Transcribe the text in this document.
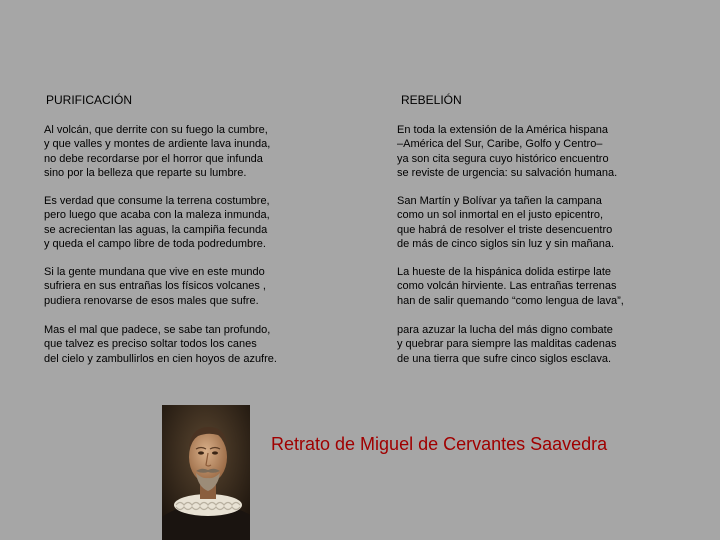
PURIFICACIÓN	REBELIÓN
Al volcán, que derrite con su fuego la cumbre,
y que valles y montes de ardiente lava inunda,
no debe recordarse por el horror que infunda
sino por la belleza que reparte su lumbre.
Es verdad que consume la terrena costumbre,
pero luego que acaba con la maleza inmunda,
se acrecientan las aguas, la campiña fecunda
y queda el campo libre de toda podredumbre.
Si la gente mundana que vive en este mundo
sufriera en sus entrañas los físicos volcanes ,
pudiera renovarse de esos males que sufre.
Mas el mal que padece, se sabe tan profundo,
que talvez es preciso soltar todos los canes
del cielo y zambullirlos en cien hoyos de azufre.
En toda la extensión de la América hispana
–América del Sur, Caribe, Golfo y Centro–
ya son cita segura cuyo histórico encuentro
se reviste de urgencia: su salvación humana.
San Martín y Bolívar ya tañen la campana
como un sol inmortal en el justo epicentro,
que habrá de resolver el triste desencuentro
de más de cinco siglos sin luz y sin mañana.
La hueste de la hispánica dolida estirpe late
como volcán hirviente. Las entrañas terrenas
han de salir quemando “como lengua de lava”,
para azuzar la lucha del más digno combate
y quebrar para siempre las malditas cadenas
de una tierra que sufre cinco siglos esclava.
Retrato de Miguel de Cervantes Saavedra
